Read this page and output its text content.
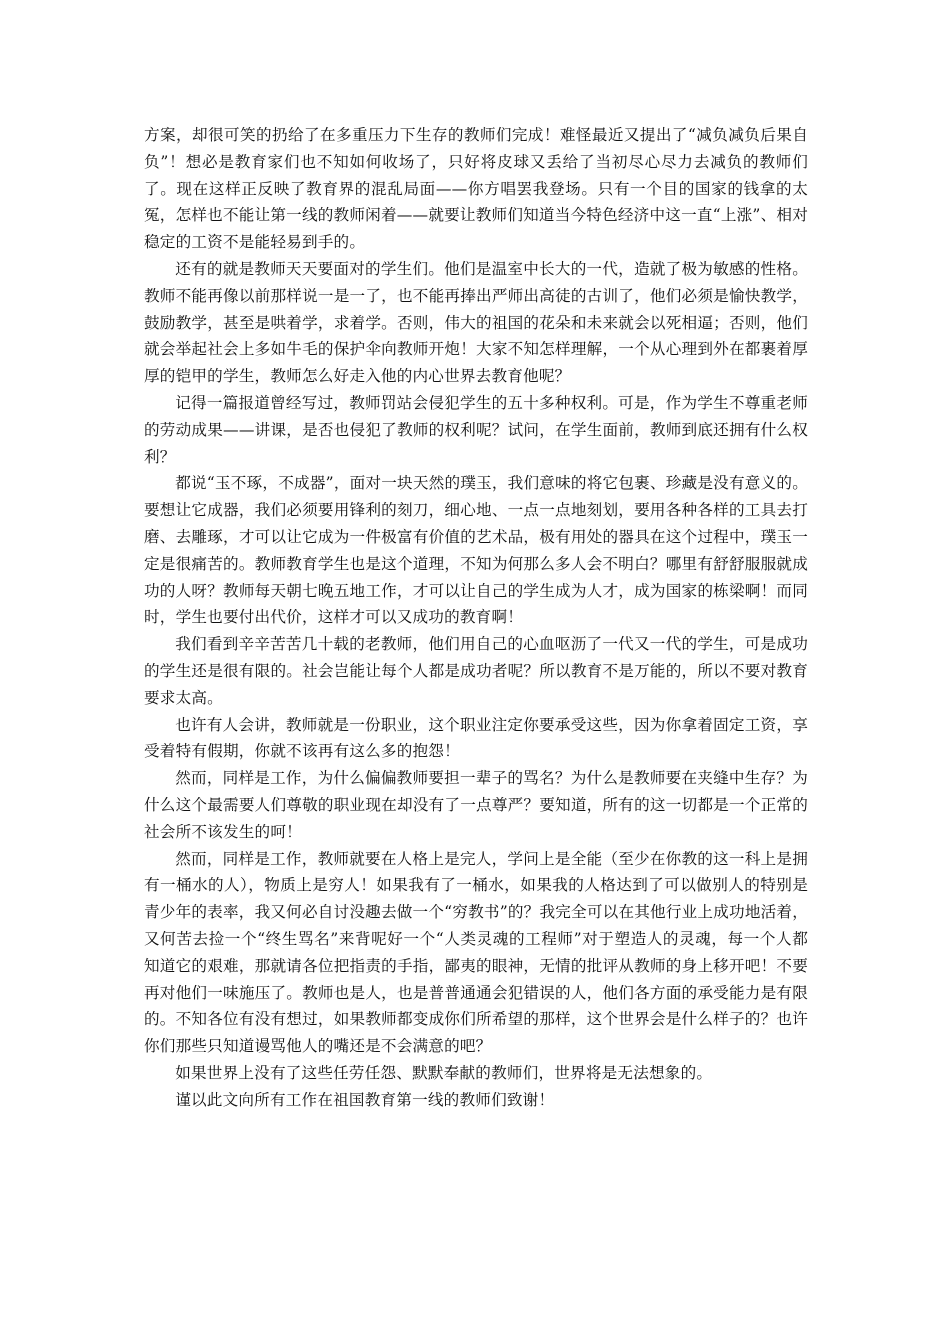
方案，却很可笑的扔给了在多重压力下生存的教师们完成！难怪最近又提出了“减负减负后果自负”！想必是教育家们也不知如何收场了，只好将皮球又丢给了当初尽心尽力去减负的教师们了。现在这样正反映了教育界的混乱局面——你方唱罢我登场。只有一个目的国家的钱拿的太冤，怎样也不能让第一线的教师闲着——就要让教师们知道当今特色经济中这一直“上涨”、相对稳定的工资不是能轻易到手的。

还有的就是教师天天要面对的学生们。他们是温室中长大的一代，造就了极为敏感的性格。教师不能再像以前那样说一是一了，也不能再捧出严师出高徒的古训了，他们必须是愉快教学，鼓励教学，甚至是哄着学，求着学。否则，伟大的祖国的花朵和未来就会以死相逼；否则，他们就会举起社会上多如牛毛的保护伞向教师开炮！大家不知怎样理解，一个从心理到外在都裹着厚厚的铠甲的学生，教师怎么好走入他的内心世界去教育他呢？

记得一篇报道曾经写过，教师罚站会侵犯学生的五十多种权利。可是，作为学生不尊重老师的劳动成果——讲课，是否也侵犯了教师的权利呢？试问，在学生面前，教师到底还拥有什么权利？

都说“玉不琢，不成器”，面对一块天然的璞玉，我们意味的将它包裹、珍藏是没有意义的。要想让它成器，我们必须要用锋利的刻刀，细心地、一点一点地刻划，要用各种各样的工具去打磨、去雕琢，才可以让它成为一件极富有价值的艺术品，极有用处的器具在这个过程中，璞玉一定是很痛苦的。教师教育学生也是这个道理，不知为何那么多人会不明白？哪里有舒舒服服就成功的人呀？教师每天朝七晚五地工作，才可以让自己的学生成为人才，成为国家的栋梁啊！而同时，学生也要付出代价，这样才可以又成功的教育啊！

我们看到辛辛苦苦几十载的老教师，他们用自己的心血呕沥了一代又一代的学生，可是成功的学生还是很有限的。社会岂能让每个人都是成功者呢？所以教育不是万能的，所以不要对教育要求太高。

也许有人会讲，教师就是一份职业，这个职业注定你要承受这些，因为你拿着固定工资，享受着特有假期，你就不该再有这么多的抱怨！

然而，同样是工作，为什么偏偏教师要担一辈子的骂名？为什么是教师要在夹缝中生存？为什么这个最需要人们尊敬的职业现在却没有了一点尊严？要知道，所有的这一切都是一个正常的社会所不该发生的呵！

然而，同样是工作，教师就要在人格上是完人，学问上是全能（至少在你教的这一科上是拥有一桶水的人），物质上是穷人！如果我有了一桶水，如果我的人格达到了可以做别人的特别是青少年的表率，我又何必自讨没趣去做一个“穷教书”的？我完全可以在其他行业上成功地活着，又何苦去捡一个“终生骂名”来背呢好一个“人类灵魂的工程师”对于塑造人的灵魂，每一个人都知道它的艰难，那就请各位把指责的手指，鄙夷的眼神，无情的批评从教师的身上移开吧！不要再对他们一味施压了。教师也是人，也是普普通通会犯错误的人，他们各方面的承受能力是有限的。不知各位有没有想过，如果教师都变成你们所希望的那样，这个世界会是什么样子的？也许你们那些只知道谩骂他人的嘴还是不会满意的吧？

如果世界上没有了这些任劳任怨、默默奉献的教师们，世界将是无法想象的。

谨以此文向所有工作在祖国教育第一线的教师们致谢！
